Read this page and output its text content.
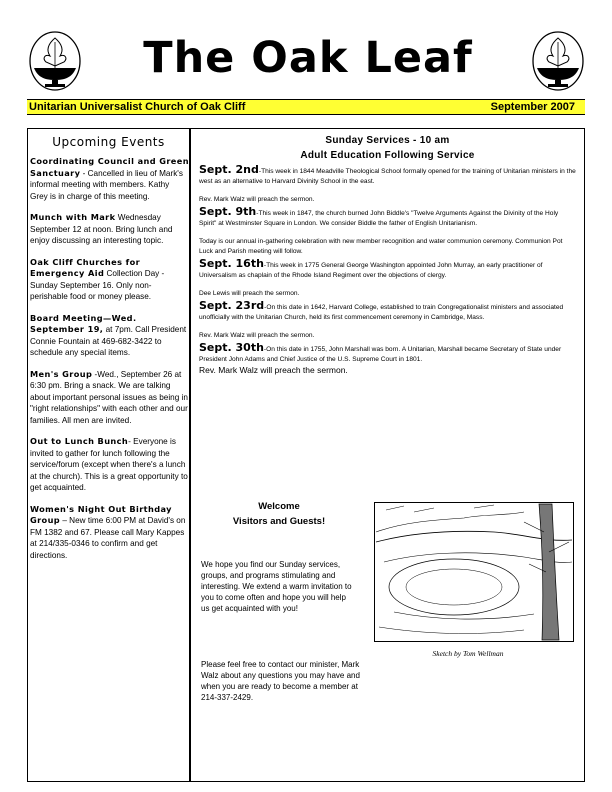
The Oak Leaf
Unitarian Universalist Church of Oak Cliff	September 2007
Upcoming Events
Coordinating Council and Green Sanctuary - Cancelled in lieu of Mark's informal meeting with members. Kathy Grey is in charge of this meeting.
Munch with Mark Wednesday September 12 at noon. Bring lunch and enjoy discussing an interesting topic.
Oak Cliff Churches for Emergency Aid Collection Day -Sunday September 16. Only non-perishable food or money please.
Board Meeting—Wed. September 19, at 7pm. Call President Connie Fountain at 469-682-3422 to schedule any special items.
Men's Group -Wed., September 26 at 6:30 pm. Bring a snack. We are talking about important personal issues as being in "right relationships" with each other and our families. All men are invited.
Out to Lunch Bunch- Everyone is invited to gather for lunch following the service/forum (except when there's a lunch at the church). This is a great opportunity to get acquainted.
Women's Night Out Birthday Group – New time 6:00 PM at David's on FM 1382 and 67. Please call Mary Kappes at 214/335-0346 to confirm and get directions.
Sunday Services - 10 am
Adult Education Following Service
Sept. 2nd-This week in 1844 Meadville Theological School formally opened for the training of Unitarian ministers in the west as an alternative to Harvard Divinity School in the east.
Rev. Mark Walz will preach the sermon.
Sept. 9th-This week in 1847, the church burned John Biddle's "Twelve Arguments Against the Divinity of the Holy Spirit" at Westminster Square in London. We consider Biddle the father of English Unitarianism.
Today is our annual in-gathering celebration with new member recognition and water communion ceremony. Communion Pot Luck and Parish meeting will follow.
Sept. 16th-This week in 1775 General George Washington appointed John Murray, an early practitioner of Universalism as chaplain of the Rhode Island Regiment over the objections of clergy.
Dee Lewis will preach the sermon.
Sept. 23rd-On this date in 1642, Harvard College, established to train Congregationalist ministers and associated unofficially with the Unitarian Church, held its first commencement ceremony in Cambridge, Mass.
Rev. Mark Walz will preach the sermon.
Sept. 30th-On this date in 1755, John Marshall was born. A Unitarian, Marshall became Secretary of State under President John Adams and Chief Justice of the U.S. Supreme Court in 1801.
Rev. Mark Walz will preach the sermon.
Welcome
Visitors and Guests!
We hope you find our Sunday services, groups, and programs stimulating and interesting. We extend a warm invitation to you to come often and hope you will help us get acquainted with you!
Please feel free to contact our minister, Mark Walz about any questions you may have and when you are ready to become a member at 214-337-2429.
Sketch by Tom Wellman
